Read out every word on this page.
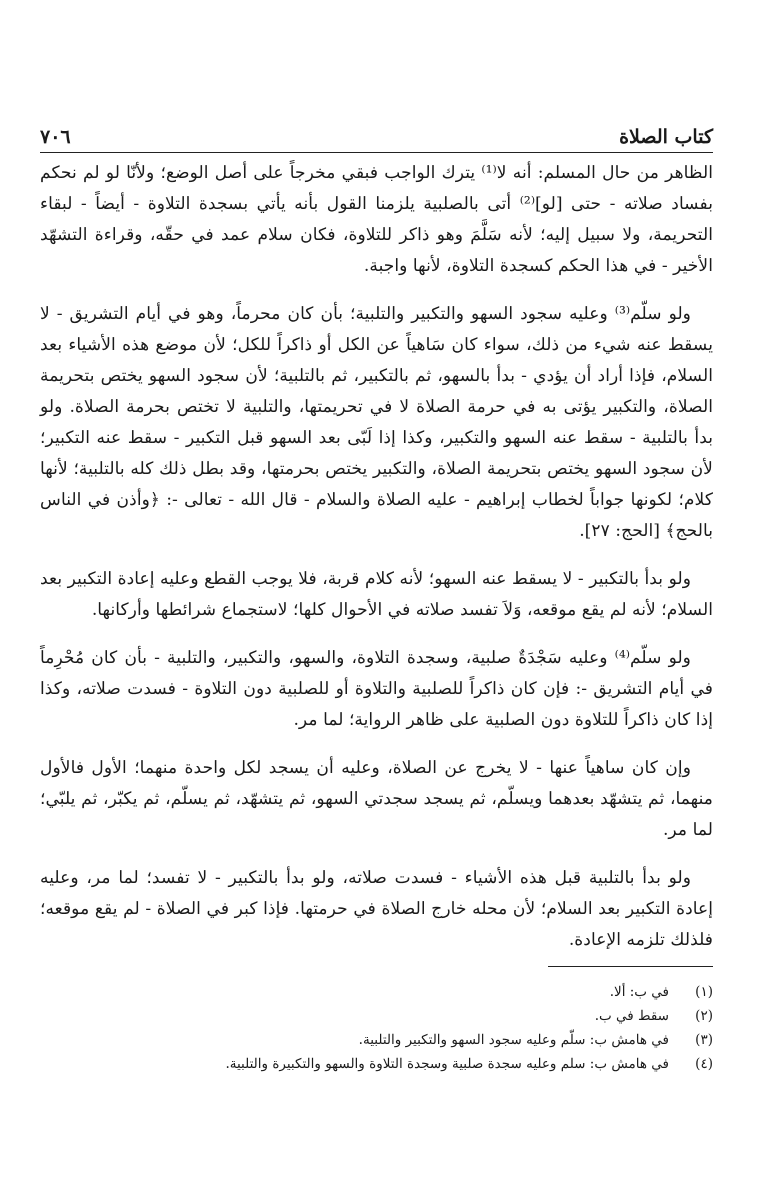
كتاب الصلاة
٧٠٦

الظاهر من حال المسلم: أنه لا⁽¹⁾ يترك الواجب فبقي مخرجاً على أصل الوضع؛ ولأنّا لو لم نحكم بفساد صلاته - حتى [لو]⁽²⁾ أتى بالصلبية يلزمنا القول بأنه يأتي بسجدة التلاوة - أيضاً - لبقاء التحريمة، ولا سبيل إليه؛ لأنه سَلَّمَ وهو ذاكر للتلاوة، فكان سلام عمد في حقّه، وقراءة التشهّد الأخير - في هذا الحكم كسجدة التلاوة، لأنها واجبة.

ولو سلّم⁽³⁾ وعليه سجود السهو والتكبير والتلبية؛ بأن كان محرماً، وهو في أيام التشريق - لا يسقط عنه شيء من ذلك، سواء كان سَاهياً عن الكل أو ذاكراً للكل؛ لأن موضع هذه الأشياء بعد السلام، فإذا أراد أن يؤدي - بدأ بالسهو، ثم بالتكبير، ثم بالتلبية؛ لأن سجود السهو يختص بتحريمة الصلاة، والتكبير يؤتى به في حرمة الصلاة لا في تحريمتها، والتلبية لا تختص بحرمة الصلاة. ولو بدأ بالتلبية - سقط عنه السهو والتكبير، وكذا إذا لَبّى بعد السهو قبل التكبير - سقط عنه التكبير؛ لأن سجود السهو يختص بتحريمة الصلاة، والتكبير يختص بحرمتها، وقد بطل ذلك كله بالتلبية؛ لأنها كلام؛ لكونها جواباً لخطاب إبراهيم - عليه الصلاة والسلام - قال الله - تعالى -: ﴿وأذن في الناس بالحج﴾ [الحج: ٢٧].

ولو بدأ بالتكبير - لا يسقط عنه السهو؛ لأنه كلام قربة، فلا يوجب القطع وعليه إعادة التكبير بعد السلام؛ لأنه لم يقع موقعه، وَلاَ تفسد صلاته في الأحوال كلها؛ لاستجماع شرائطها وأركانها.

ولو سلّم⁽⁴⁾ وعليه سَجْدَةٌ صلبية، وسجدة التلاوة، والسهو، والتكبير، والتلبية - بأن كان مُحْرِماً في أيام التشريق -: فإن كان ذاكراً للصلبية والتلاوة أو للصلبية دون التلاوة - فسدت صلاته، وكذا إذا كان ذاكراً للتلاوة دون الصلبية على ظاهر الرواية؛ لما مر.

وإن كان ساهياً عنها - لا يخرج عن الصلاة، وعليه أن يسجد لكل واحدة منهما؛ الأول فالأول منهما، ثم يتشهّد بعدهما ويسلّم، ثم يسجد سجدتي السهو، ثم يتشهّد، ثم يسلّم، ثم يكبّر، ثم يلبّي؛ لما مر.

ولو بدأ بالتلبية قبل هذه الأشياء - فسدت صلاته، ولو بدأ بالتكبير - لا تفسد؛ لما مر، وعليه إعادة التكبير بعد السلام؛ لأن محله خارج الصلاة في حرمتها. فإذا كبر في الصلاة - لم يقع موقعه؛ فلذلك تلزمه الإعادة.

(١)
في ب: ألا.
(٢)
سقط في ب.
(٣)
في هامش ب: سلّم وعليه سجود السهو والتكبير والتلبية.
(٤)
في هامش ب: سلم وعليه سجدة صلبية وسجدة التلاوة والسهو والتكبيرة والتلبية.
